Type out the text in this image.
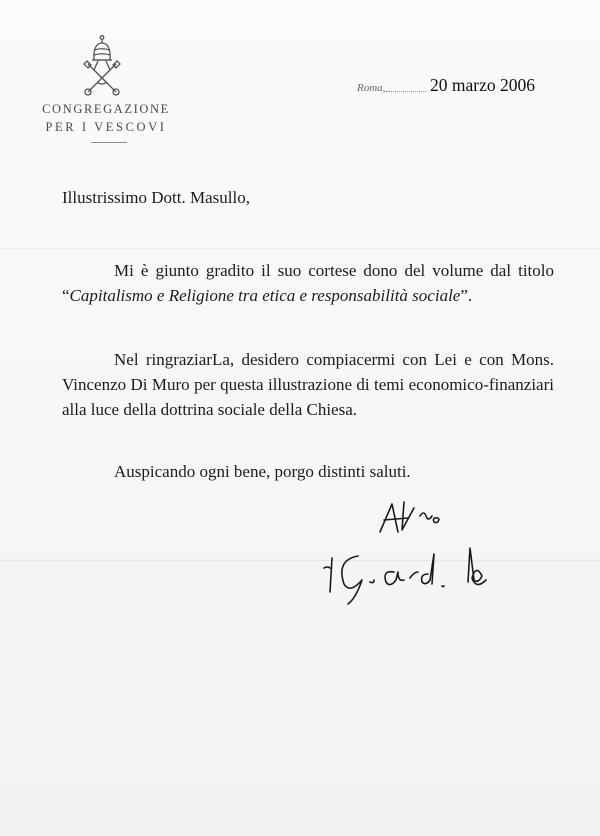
CONGREGAZIONE
PER I VESCOVI
Roma,	20 marzo 2006
Illustrissimo Dott. Masullo,
Mi è giunto gradito il suo cortese dono del volume dal titolo “Capitalismo e Religione tra etica e responsabilità sociale”.
Nel ringraziarLa, desidero compiacermi con Lei e con Mons. Vincenzo Di Muro per questa illustrazione di temi economico-finanziari alla luce della dottrina sociale della Chiesa.
Auspicando ogni bene, porgo distinti saluti.
